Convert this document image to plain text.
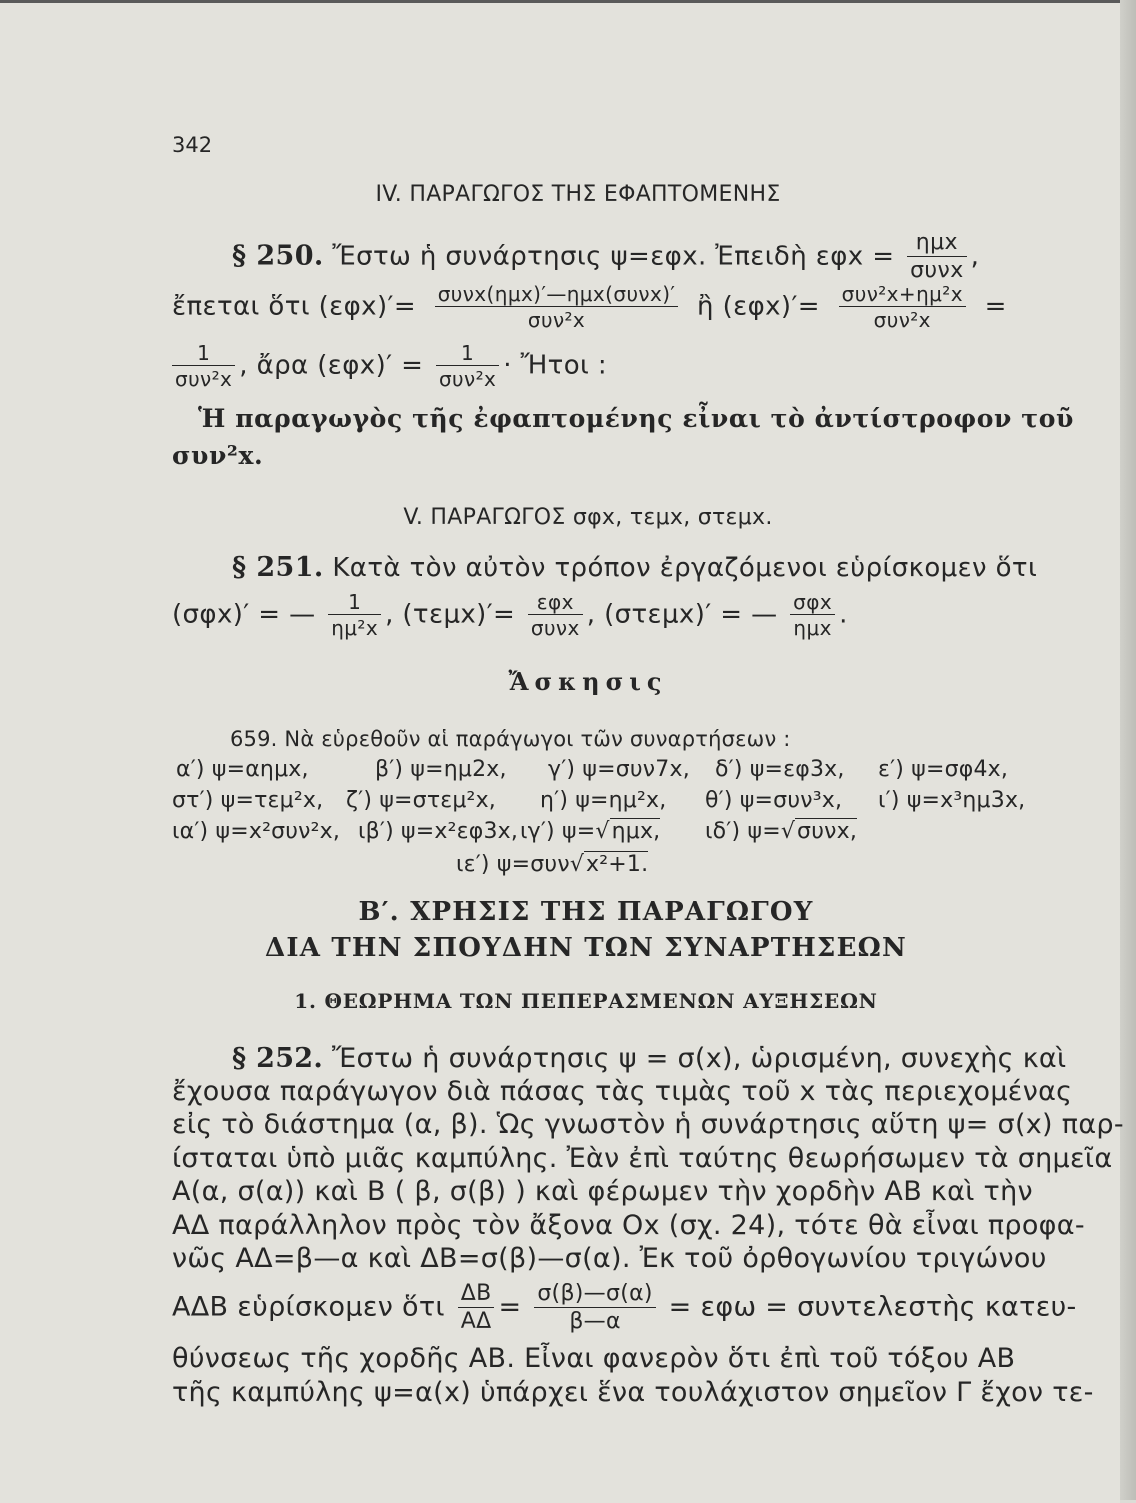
342
IV. ΠΑΡΑΓΩΓΟΣ ΤΗΣ ΕΦΑΠΤΟΜΕΝΗΣ
§ 250. Ἔστω ἡ συνάρτησις ψ=εφx. Ἐπειδὴ $\varepsilon\varphi x = \frac{\text{ημx}}{\text{συνx}}$ ,
ἔπεται ὅτι $(\varepsilon\varphi x)'= \frac{\text{συνx(ημx)′—ημx(συνx)′}}{\text{συν²x}}$ ἢ $(\varepsilon\varphi x)'= \frac{\text{συν²x+ημ²x}}{\text{συν²x}}$ =
$\frac{1}{\text{συν²x}}$ , ἄρα $(\varepsilon\varphi x)' = \frac{1}{\text{συν²x}}$ · Ἤτοι :
Ἡ παραγωγὸς τῆς ἐφαπτομένης εἶναι τὸ ἀντίστροφον τοῦ
συν²x.
V. ΠΑΡΑΓΩΓΟΣ σφx, τεμx, στεμx.
§ 251. Κατὰ τὸν αὐτὸν τρόπον ἐργαζόμενοι εὑρίσκομεν ὅτι
(σφx)′ = — $\frac{1}{\text{ημ²x}}$ , $(\tau\varepsilon\mu x)'= \frac{\text{εφx}}{\text{συνx}}$ , (στεμx)′ = — $\frac{\text{σφx}}{\text{ημx}}$ .
Ἄσκησις
659. Νὰ εὑρεθοῦν αἱ παράγωγοι τῶν συναρτήσεων :
α′) ψ=αημx,	β′) ψ=ημ2x, γ′) ψ=συν7x, δ′) ψ=εφ3x, ε′) ψ=σφ4x,
στ′) ψ=τεμ²x, ζ′) ψ=στεμ²x, η′) ψ=ημ²x, θ′) ψ=συν³x, ι′) ψ=x³ημ3x,
ια′) ψ=x²συν²x, ιβ′) ψ=x²εφ3x, ιγ′) ψ=√ημx, ιδ′) ψ=√συνx,
ιε′) ψ=συν√x²+1.
Β′. ΧΡΗΣΙΣ ΤΗΣ ΠΑΡΑΓΩΓΟΥ
ΔΙΑ ΤΗΝ ΣΠΟΥΔΗΝ ΤΩΝ ΣΥΝΑΡΤΗΣΕΩΝ
1. ΘΕΩΡΗΜΑ ΤΩΝ ΠΕΠΕΡΑΣΜΕΝΩΝ ΑΥΞΗΣΕΩΝ
§ 252. Ἔστω ἡ συνάρτησις ψ = σ(x), ὡρισμένη, συνεχὴς καὶ
ἔχουσα παράγωγον διὰ πάσας τὰς τιμὰς τοῦ x τὰς περιεχομένας
εἰς τὸ διάστημα (α, β). Ὡς γνωστὸν ἡ συνάρτησις αὕτη ψ= σ(x) παρ-
ίσταται ὑπὸ μιᾶς καμπύλης. Ἐὰν ἐπὶ ταύτης θεωρήσωμεν τὰ σημεῖα
Α(α, σ(α)) καὶ Β ( β, σ(β) ) καὶ φέρωμεν τὴν χορδὴν ΑΒ καὶ τὴν
ΑΔ παράλληλον πρὸς τὸν ἄξονα Ox (σχ. 24), τότε θὰ εἶναι προφα-
νῶς ΑΔ=β—α καὶ ΔΒ=σ(β)—σ(α). Ἐκ τοῦ ὀρθογωνίου τριγώνου
ΑΔΒ εὑρίσκομεν ὅτι $\frac{\Delta B}{A\Delta} = \frac{\sigma(\beta)—\sigma(\alpha)}{\beta—\alpha} = \varepsilon\varphi\omega$ = συντελεστὴς κατευ-
θύνσεως τῆς χορδῆς ΑΒ. Εἶναι φανερὸν ὅτι ἐπὶ τοῦ τόξου ΑΒ
τῆς καμπύλης ψ=α(x) ὑπάρχει ἕνα τουλάχιστον σημεῖον Γ ἔχον τε-
